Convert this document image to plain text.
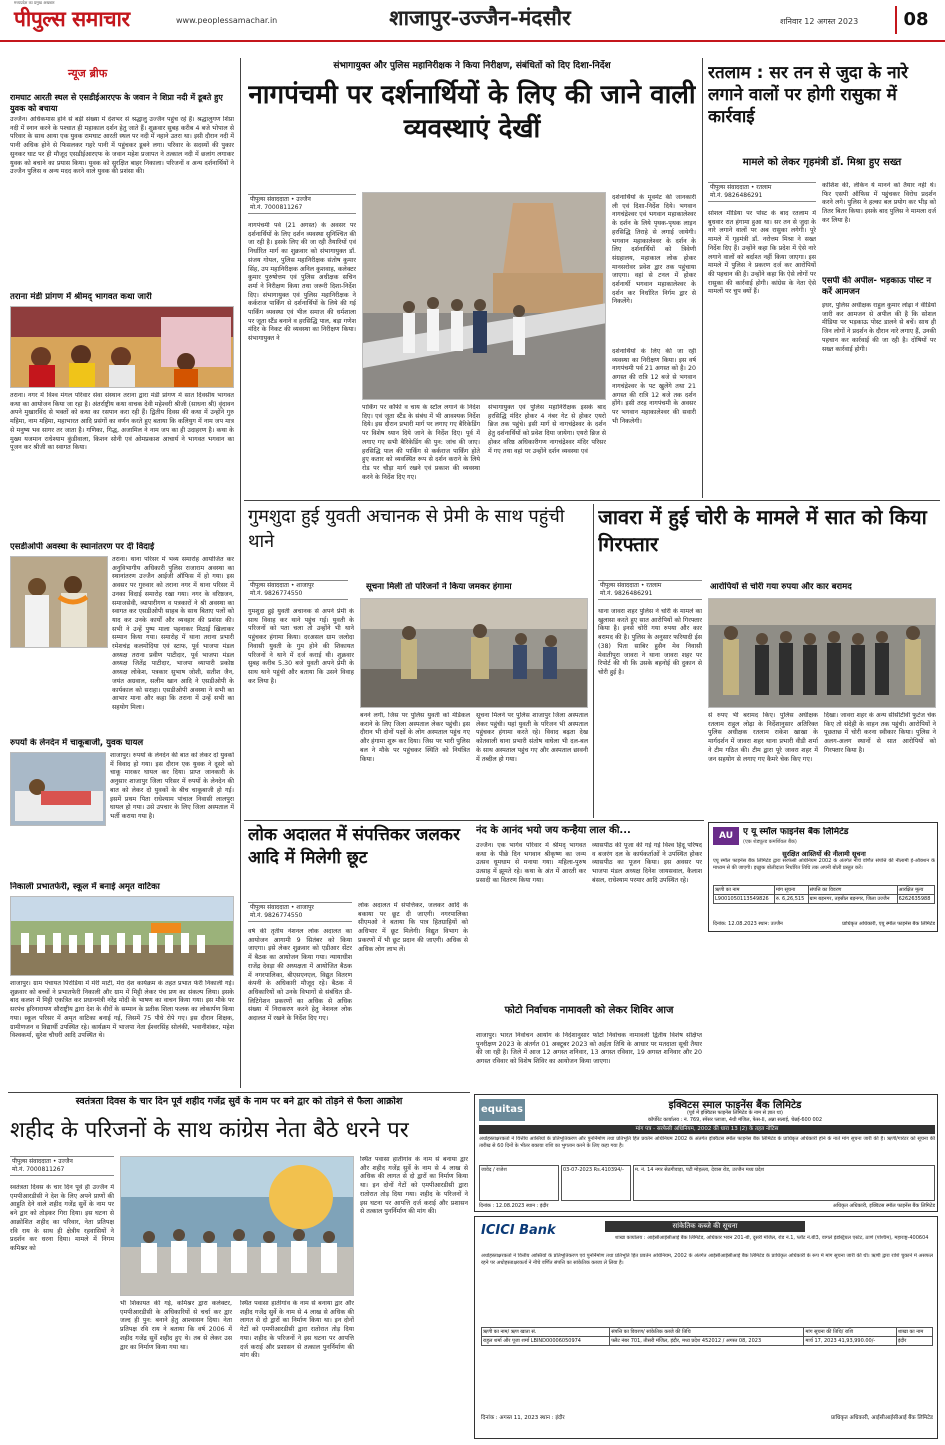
पीपुल्स समाचार
मध्यप्रदेश का प्रमुख अखबार
www.peoplessamachar.in	शाजापुर-उज्जैन-मंदसौर	शनिवार 12 अगस्त 2023	08
न्यूज ब्रीफ
रामघाट आरती स्थल से एसडीईआरएफ के जवान ने शिप्रा नदी में डूबते हुए युवक को बचाया
उज्जैन। अधिकमास होने से बड़ी संख्या में देशभर से श्रद्धालु उज्जैन पहुंच रहे हैं। श्रद्धालुगण शिप्रा नदी में स्नान करने के पश्चात ही महाकाल दर्शन हेतु जाते हैं। शुक्रवार सुबह करीब 4 बजे भोपाल से परिवार के साथ आया एक युवक रामघाट आरती स्थल पर नदी में नहाने उतरा था। इसी दौरान नदी में पानी अधिक होने से फिसलकर गहरे पानी में पहुंचकर डूबने लगा। परिवार के सदस्यों की पुकार सुनकर घाट पर ही मौजूद एसडीईआरएफ के जवान महेश प्रजापत ने तत्काल नदी में छलांग लगाकर युवक को बचाने का प्रयास किया। युवक को सुरक्षित बाहर निकाला। परिजनों व अन्य दर्शनार्थियों ने उज्जैन पुलिस व अन्य मदद करने वाले युवक की प्रशंसा की।
तराना मंडी प्रांगण में श्रीमद् भागवत कथा जारी
तराना। नगर में विश्व मंगल परिवार सेवा संस्थान तराना द्वारा मंडी प्रांगण में सात दिवसीय भागवत कथा का आयोजन किया जा रहा है। अंतर्राष्ट्रीय कथा वाचक देवी महेश्वरी श्रीजी (साधना श्री) वृंदावन अपने मुखारविंद से भक्तों को कथा का रसपान करा रही हैं। द्वितीय दिवस की कथा में उन्होंने गुरु महिमा, नाम महिमा, महाभारत आदि प्रसंगों का वर्णन करते हुए बताया कि कलियुग में नाम जप मात्र से मनुष्य भव सागर तर जाता है। गणिका, गिद्ध, अजामिल ने नाम जप का ही उदाहरण है। कथा के मुख्य यजमान राधेश्याम कुंडीवाला, किशन सोनी एवं ओमप्रकाश आचार्य ने भागवत भगवान का पूजन कर श्रीजी का स्वागत किया।
एसडीओपी अवस्था के स्थानांतरण पर दी विदाई
तराना। थाना परिसर में भव्य समारोह आयोजित कर अनुविभागीय अधिकारी पुलिस राजाराम अवस्था का स्थानांतरण उज्जैन आईजी ऑफिस में हो गया। इस अवसर पर गुरुवार को तराना नगर में थाना परिसर में उनका विदाई समारोह रखा गया। नगर के वरिष्ठजन, समाजसेवी, व्यापारीगण व पत्रकारों ने श्री अवस्था का स्वागत कर एसडीओपी साहब के साथ बिताए पलों को याद कर उनके कार्यों और व्यवहार की प्रशंसा की। सभी ने उन्हें पुष्प माला पहनाकर मिठाई खिलाकर सम्मान किया गया। समारोह में थाना तराना प्रभारी रमेशचंद्र कलमोदिया एवं स्टाफ, पूर्व भाजपा मंडल अध्यक्ष तराना प्रवीण पाटीदार, पूर्व भाजपा मंडल अध्यक्ष जितेंद्र पाटीदार, भाजपा व्यापारी प्रकोष्ठ अध्यक्ष लोकेश, पत्रकार सुभाष जोशी, सतीश जैन, जयंत अग्रवाल, सलीम खान आदि ने एसडीओपी के कार्यकाल को सराहा। एसडीओपी अवस्था ने सभी का आभार माना और कहा कि तराना में उन्हें सभी का सहयोग मिला।
रुपयों के लेनदेन में चाकूबाजी, युवक घायल
शाजापुर। रुपयों के लेनदेन की बात को लेकर दो युवकों में विवाद हो गया। इस दौरान एक युवक ने दूसरे को चाकू मारकर घायल कर दिया। प्राप्त जानकारी के अनुसार शाजापुर जिला परिसर में रुपयों के लेनदेन की बात को लेकर दो युवकों के बीच चाकूबाजी हो गई। इसमें प्रथम पिता राधेश्याम पांचाल निवासी लालपुरा घायल हो गया। उसे उपचार के लिए जिला अस्पताल में भर्ती कराया गया है।
निकाली प्रभातफेरी, स्कूल में बनाई अमृत वाटिका
शाजापुर। ग्राम पंचायत पिरोडिया में मेरी माटी, मेरा देश कार्यक्रम के तहत प्रभात फेरी निकाली गई। शुक्रवार को बच्चों ने प्रभातफेरी निकाली और ग्राम में मिट्टी लेकर पंच प्रण का संकल्प लिया। इसके बाद कलश में मिट्टी एकत्रित कर प्रधानमंत्री नरेंद्र मोदी के भाषण का वाचन किया गया। इस मौके पर सरपंच हरिनारायण सौराष्ट्रीय द्वारा देश के वीरों के सम्मान के प्रतीक शिला फलक का लोकार्पण किया गया। स्कूल परिसर में अमृत वाटिका बनाई गई, जिसमें 75 पौधे रोपे गए। इस दौरान शिक्षक, ग्रामीणजन व विद्यार्थी उपस्थित रहे। कार्यक्रम में भाजपा नेता ईश्वरसिंह सोलंकी, भवानीशंकर, महेश विश्वकर्मा, सुरेश चौधरी आदि उपस्थित थे।
संभागायुक्त और पुलिस महानिरीक्षक ने किया निरीक्षण, संबंधितों को दिए दिशा-निर्देश
नागपंचमी पर दर्शनार्थियों के लिए की जाने वाली व्यवस्थाएं देखीं
पीपुल्स संवाददाता • उज्जैन
मो.नं. 7000811267
नागपंचमी पर्व (21 अगस्त) के अवसर पर दर्शनार्थियों के लिए दर्शन व्यवस्था सुनिश्चित की जा रही है। इसके लिए की जा रही तैयारियों एवं निर्धारित मार्ग का शुक्रवार को संभागायुक्त डॉ. संजय गोयल, पुलिस महानिरीक्षक संतोष कुमार सिंह, उप महानिरीक्षक अनिल कुशवाह, कलेक्टर कुमार पुरुषोत्तम एवं पुलिस अधीक्षक सचिन शर्मा ने निरीक्षण किया तथा जरूरी दिशा-निर्देश दिए। संभागायुक्त एवं पुलिस महानिरीक्षक ने कर्कराज पार्किंग से दर्शनार्थियों के लिये की गई पार्किंग व्यवस्था एवं भील समाज की धर्मशाला पर जूता स्टैंड बनाने व हरसिद्धि पाल, बड़ा गणेश मंदिर के निकट की व्यवस्था का निरीक्षण किया। संभागायुक्त ने
पार्किंग पर कॉफी व चाय के स्टॉल लगाने के निर्देश दिए। एवं जूता स्टैंड के संबंध में भी आवश्यक निर्देश दिये। इस दौरान प्रभारी मार्ग पर लगाए गए बैरिकेडिंग पर विशेष ध्यान दिये जाने के निर्देश दिए। पूर्व में लगाए गए सभी बैरिकेडिंग की पुन: जांच की जाए। हरसिद्धि पाल की पार्किंग से कर्कराज पार्किंग होते हुए कतार को व्यवस्थित रूप से दर्शन कराने के लिये रोड पर चौड़ा मार्ग रखने एवं प्रकाश की व्यवस्था करने के निर्देश दिए गए।
संभागायुक्त एवं पुलिस महानिरीक्षक इसके बाद हरसिद्धि मंदिर होकर 4 नंबर गेट से होकर एयरो ब्रिज तक पहुंचे। इसी मार्ग से नागचंद्रेश्वर के दर्शन हेतु दर्शनार्थियों को प्रवेश दिया जायेगा। एयरो ब्रिज से होकर वरिष्ठ अधिकारीगण नागचंद्रेश्वर मंदिर परिसर में गए तथा वहां पर उन्होंने दर्शन व्यवस्था एवं
दर्शनार्थियों के मूवमेंट की जानकारी ली एवं दिशा-निर्देश दिये। भगवान नागचंद्रेश्वर एवं भगवान महाकालेश्वर के दर्शन के लिये पृथक-पृथक लाइन हरसिद्धि तिराहे से लगाई जायेगी। भगवान महाकालेश्वर के दर्शन के लिए दर्शनार्थियों को त्रिवेणी संग्रहालय, महाकाल लोक होकर मानसरोवर प्रवेश द्वार तक पहुंचाया जाएगा। वहां से टनल में होकर दर्शनार्थी भगवान महाकालेश्वर के दर्शन कर निर्धारित निर्गम द्वार से निकलेंगे।
दर्शनार्थियों के लिए की जा रही व्यवस्था का निरीक्षण किया। इस वर्ष नागपंचमी पर्व 21 अगस्त को है। 20 अगस्त की रात्रि 12 बजे से भगवान नागचंद्रेश्वर के पट खुलेंगे तथा 21 अगस्त की रात्रि 12 बजे तक दर्शन होंगे। इसी तरह नागपंचमी के अवसर पर भगवान महाकालेश्वर की सवारी भी निकलेगी।
रतलाम : सर तन से जुदा के नारे लगाने वालों पर होगी रासुका में कार्रवाई
मामले को लेकर गृहमंत्री डॉ. मिश्रा हुए सख्त
पीपुल्स संवाददाता • रतलाम
मो.नं. 9826486291
सोशल मीडिया पर पोस्ट के बाद रतलाम में बुधवार रात हंगामा हुआ था। सर तन से जुदा के नारे लगाने वालों पर अब रासुका लगेगी। पूरे मामले में गृहमंत्री डॉ. नरोत्तम मिश्रा ने सख्त निर्देश दिए हैं। उन्होंने कहा कि प्रदेश में ऐसे नारे लगाने वालों को बर्दाश्त नहीं किया जाएगा। इस मामले में पुलिस ने प्रकरण दर्ज कर आरोपियों की पहचान की है। उन्होंने कहा कि ऐसे लोगों पर रासुका की कार्रवाई होगी। कांग्रेस के नेता ऐसे मामलों पर चुप क्यों हैं।
कोशिश की, लेकिन ये मानने को तैयार नहीं थे। फिर एसपी ऑफिस में पहुंचकर विरोध प्रदर्शन करने लगे। पुलिस ने हल्का बल प्रयोग कर भीड़ को तितर बितर किया। इसके बाद पुलिस ने मामला दर्ज कर लिया है।
एसपी की अपील- भड़काऊ पोस्ट न करें आमजन
इधर, पुलिस अधीक्षक राहुल कुमार लोढ़ा ने वीडियो जारी कर आमजन से अपील की है कि सोशल मीडिया पर भड़काऊ पोस्ट डालने से बचें। साथ ही जिन लोगों ने प्रदर्शन के दौरान नारे लगाए हैं, उनकी पहचान कर कार्रवाई की जा रही है। दोषियों पर सख्त कार्रवाई होगी।
गुमशुदा हुई युवती अचानक से प्रेमी के साथ पहुंची थाने
पीपुल्स संवाददाता • शाजापुर
मो.नं. 9826774550
सूचना मिली तो परिजनों ने किया जमकर हंगामा
गुमशुदा हुई युवती अचानक से अपने प्रेमी के साथ विवाह कर थाने पहुंच गई। युवती के परिजनों को पता चला तो उन्होंने भी थाने पहुंचकर हंगामा किया। दरअसल ग्राम जलोदा निवासी युवती के गुम होने की शिकायत परिजनों ने थाने में दर्ज कराई थी। शुक्रवार सुबह करीब 5.30 बजे युवती अपने प्रेमी के साथ थाने पहुंची और बताया कि उसने विवाह कर लिया है।
बनने लगी, जिस पर पुलिस युवती को मेडिकल कराने के लिए जिला अस्पताल लेकर पहुंची। इस दौरान भी दोनों पक्षों के लोग अस्पताल पहुंच गए और हंगामा शुरू कर दिया। जिस पर भारी पुलिस बल ने मौके पर पहुंचकर स्थिति को नियंत्रित किया।
सूचना मिलने पर पुलिस शाजापुर जिला अस्पताल लेकर पहुंची। यहां युवती के परिजन भी अस्पताल पहुंचकर हंगामा करते रहे। विवाद बढ़ता देख कोतवाली थाना प्रभारी संतोष वाघेला भी दल-बल के साथ अस्पताल पहुंच गए और अस्पताल छावनी में तब्दील हो गया।
जावरा में हुई चोरी के मामले में सात को किया गिरफ्तार
आरोपियों से चोरी गया रुपया और कार बरामद
पीपुल्स संवाददाता • रतलाम
मो.नं. 9826486291
थाना जावरा शहर पुलिस ने चोरी के मामले का खुलासा करते हुए सात आरोपियों को गिरफ्तार किया है। इनसे चोरी गया रुपया और कार बरामद की है। पुलिस के अनुसार फरियादी ईस (38) पिता साबिर हुसैन मेव निवासी मेवातीपुरा जावरा ने थाना जावरा शहर पर रिपोर्ट की थी कि उसके बहनोई की दुकान से चोरी हुई है।
से रुपए भी बरामद किए। पुलिस अधीक्षक रतलाम राहुल लोढ़ा के निर्देशानुसार अतिरिक्त पुलिस अधीक्षक रतलाम राकेश खाखा के मार्गदर्शन में जावरा शहर थाना प्रभारी वीडी शर्मा ने टीम गठित की। टीम द्वारा पूरे जावरा शहर में जन सहयोग से लगाए गए कैमरे चेक किए गए।
दिखा। जावरा शहर के अन्य सीसीटीवी फुटेज चेक किए तो संदेही के वाहन तक पहुंची। आरोपियों ने पूछताछ में चोरी करना स्वीकार किया। पुलिस ने अलग-अलग स्थानों से सात आरोपियों को गिरफ्तार किया है।
लोक अदालत में संपत्तिकर जलकर आदि में मिलेगी छूट
पीपुल्स संवाददाता • शाजापुर
मो.नं. 9826774550
वर्ष की तृतीय नेशनल लोक अदालत का आयोजन आगामी 9 सितंबर को किया जाएगा। इसे लेकर शुक्रवार को एडीआर सेंटर में बैठक का आयोजन किया गया। न्यायाधीश राजेंद्र देवड़ा की अध्यक्षता में आयोजित बैठक में नगरपालिका, बीएसएनएल, विद्युत वितरण कंपनी के अधिकारी मौजूद रहे। बैठक में अधिकारियों को उनके विभागों से संबंधित प्री-लिटिगेशन प्रकरणों का अधिक से अधिक संख्या में निराकरण करने हेतु नेशनल लोक अदालत में रखने के निर्देश दिए गए।
लोक अदालत में संपत्तिकर, जलकर आदि के बकाया पर छूट दी जाएगी। नगरपालिका सीएमओ ने बताया कि पात्र हितग्राहियों को अधिभार में छूट मिलेगी। विद्युत विभाग के प्रकरणों में भी छूट प्रदान की जाएगी। अधिक से अधिक लोग लाभ लें।
नंद के आनंद भयो जय कन्हैया लाल की...
उज्जैन। एक भार्गव परिवार में श्रीमद् भागवत कथा के पीछे दिन भगवान श्रीकृष्ण का जन्म उत्सव धूमधाम से मनाया गया। महिला-पुरुष उत्साह में झूमते रहे। कथा के अंत में आरती कर प्रसादी का वितरण किया गया।
व्यासपीठ की पूजा की गई गई विश्व हिंदू परिषद व बजरंग दल के कार्यकर्ताओं ने उपस्थित होकर व्यासपीठ का पूजन किया। इस अवसर पर भाजपा मंडल अध्यक्ष दिनेश जायसवाल, कैलाश बंसल, राधेश्याम परमार आदि उपस्थित रहे।
फोटो निर्वाचक नामावली को लेकर शिविर आज
शाजापुर। भारत निर्वाचन आयोग के निर्देशानुसार फोटो निर्वाचक नामावली द्वितीय विशेष संक्षिप्त पुनरीक्षण 2023 के अंतर्गत 01 अक्टूबर 2023 को अर्हता तिथि के आधार पर मतदाता सूची तैयार की जा रही है। जिले में आज 12 अगस्त शनिवार, 13 अगस्त रविवार, 19 अगस्त शनिवार और 20 अगस्त रविवार को विशेष शिविर का आयोजन किया जाएगा।
AU	ए यू स्मॉल फाइनेंस बैंक लिमिटेड
(एक शेड्यूल्ड कमर्शियल बैंक)
सुरक्षित आस्तियों की नीलामी सूचना
एयू स्मॉल फाइनेंस बैंक लिमिटेड द्वारा सरफेसी अधिनियम 2002 के अंतर्गत नीचे वर्णित संपत्ति की नीलामी ई-ऑक्शन के माध्यम से की जाएगी। इच्छुक बोलीदाता निर्धारित तिथि तक अपनी बोली प्रस्तुत करें।
ऋणी का नाम	मांग सूचना	संपत्ति का विवरण	आरक्षित मूल्य
L9001050113549826	रु. 6,26,515	ग्राम बड़नगर, तहसील बड़नगर, जिला उज्जैन	6262635988
दिनांक: 12.08.2023 स्थान: उज्जैन	प्राधिकृत अधिकारी, एयू स्मॉल फाइनेंस बैंक लिमिटेड
equitas	इक्विटस स्माल फाइनेंस बैंक लिमिटेड
(पूर्व में इक्विटस फाइनेंस लिमिटेड के नाम से ज्ञात था)
कॉर्पोरेट कार्यालय : नं. 769, स्पेंसर प्लाजा, 4थी मंजिल, फेस-II, अन्ना सलाई, चेन्नई-600 002
मांग पत्र - सरफेसी अधिनियम, 2002 की धारा 13 (2) के तहत नोटिस
अधोहस्ताक्षरकर्ता ने वित्तीय आस्तियों के प्रतिभूतिकरण और पुनर्निर्माण तथा प्रतिभूति हित प्रवर्तन अधिनियम 2002 के अंतर्गत इक्विटस स्मॉल फाइनेंस बैंक लिमिटेड के प्राधिकृत अधिकारी होने के नाते मांग सूचना जारी की है। ऋणी/गारंटर को सूचना की तारीख से 60 दिनों के भीतर बकाया राशि का भुगतान करने के लिए कहा गया है।
जावेद / राजेश	03-07-2023 Rs.410394/-	म. नं. 14 नगर सेठगीवाड़ा, पटी मोहल्ला, देवास रोड, उज्जैन मध्य प्रदेश
दिनांक : 12.08.2023 स्थान : इंदौर	अधिकृत अधिकारी, इक्विटस स्मॉल फाइनेंस बैंक लिमिटेड
स्वतंत्रता दिवस के चार दिन पूर्व शहीद गजेंद्र सुर्वे के नाम पर बने द्वार को तोड़ने से फैला आक्रोश
शहीद के परिजनों के साथ कांग्रेस नेता बैठे धरने पर
पीपुल्स संवाददाता • उज्जैन
मो.नं. 7000811267
स्वतंत्रता दिवस के चार दिन पूर्व ही उज्जैन में एमपीआरडीसी ने देश के लिए अपने प्राणों की आहुति देने वाले शहीद गजेंद्र सुर्वे के नाम पर बने द्वार को तोड़कर गिरा दिया। इस घटना से आक्रोशित शहीद का परिवार, नेता प्रतिपक्ष रवि राय के साथ ही क्षेत्रीय रहवासियों ने प्रदर्शन कर धरना दिया। मामले में निगम कमिश्नर को
भी शिकायत की गई, कमिश्नर द्वारा कलेक्टर, एमपीआरडीसी के अधिकारियों से चर्चा कर द्वार जल्द ही पुन: बनाने हेतु आश्वासन दिया। नेता प्रतिपक्ष रवि राय ने बताया कि वर्ष 2006 में शहीद गजेंद्र सुर्वे शहीद हुए थे। तब से लेकर उस द्वार का निर्माण किया गया था।
स्थित पवासा हातीगांव के नाम से बनाया द्वार और शहीद गजेंद्र सुर्वे के नाम से 4 लाख से अधिक की लागत से दो द्वारों का निर्माण किया था। इन दोनों गेटों को एमपीआरडीसी द्वारा रातोरात तोड़ दिया गया। शहीद के परिजनों ने इस घटना पर आपत्ति दर्ज कराई और प्रशासन से तत्काल पुनर्निर्माण की मांग की।
स्थित पवासा हातीगांव के नाम से बनाया द्वार और शहीद गजेंद्र सुर्वे के नाम से 4 लाख से अधिक की लागत से दो द्वारों का निर्माण किया था। इन दोनों गेटों को एमपीआरडीसी द्वारा रातोरात तोड़ दिया गया। शहीद के परिजनों ने इस घटना पर आपत्ति दर्ज कराई और प्रशासन से तत्काल पुनर्निर्माण की मांग की।
ICICI Bank	सांकेतिक कब्जे की सूचना
शाखा कार्यालय : आईसीआईसीआई बैंक लिमिटेड, अधिकार भवन 201-बी, दूसरी मंजिल, रोड नं.1, प्लॉट नं.बी3, वागले इंडस्ट्रियल एस्टेट, ठाणे (पश्चिम), महाराष्ट्र-400604
अधोहस्ताक्षरकर्ता ने वित्तीय आस्तियों के प्रतिभूतिकरण एवं पुनर्निर्माण तथा प्रतिभूति हित प्रवर्तन अधिनियम, 2002 के अंतर्गत आईसीआईसीआई बैंक लिमिटेड के प्राधिकृत अधिकारी के रूप में मांग सूचना जारी की थी। ऋणी द्वारा राशि चुकाने में असफल रहने पर अधोहस्ताक्षरकर्ता ने नीचे वर्णित संपत्ति का सांकेतिक कब्जा ले लिया है।
ऋणी का नाम/ ऋण खाता सं.	संपत्ति का विवरण/ सांकेतिक कब्जे की तिथि	मांग सूचना की तिथि/ राशि	शाखा का नाम
राहुल शर्मा और पूजा शर्मा LBIND00006050974	फ्लैट नंबर 701, तीसरी मंजिल, इंदौर, मध्य प्रदेश 452012 / अगस्त 08, 2023	मार्च 17, 2023 41,93,990.00/-	इंदौर
दिनांक : अगस्त 11, 2023 स्थान : इंदौर	प्राधिकृत अधिकारी, आईसीआईसीआई बैंक लिमिटेड
